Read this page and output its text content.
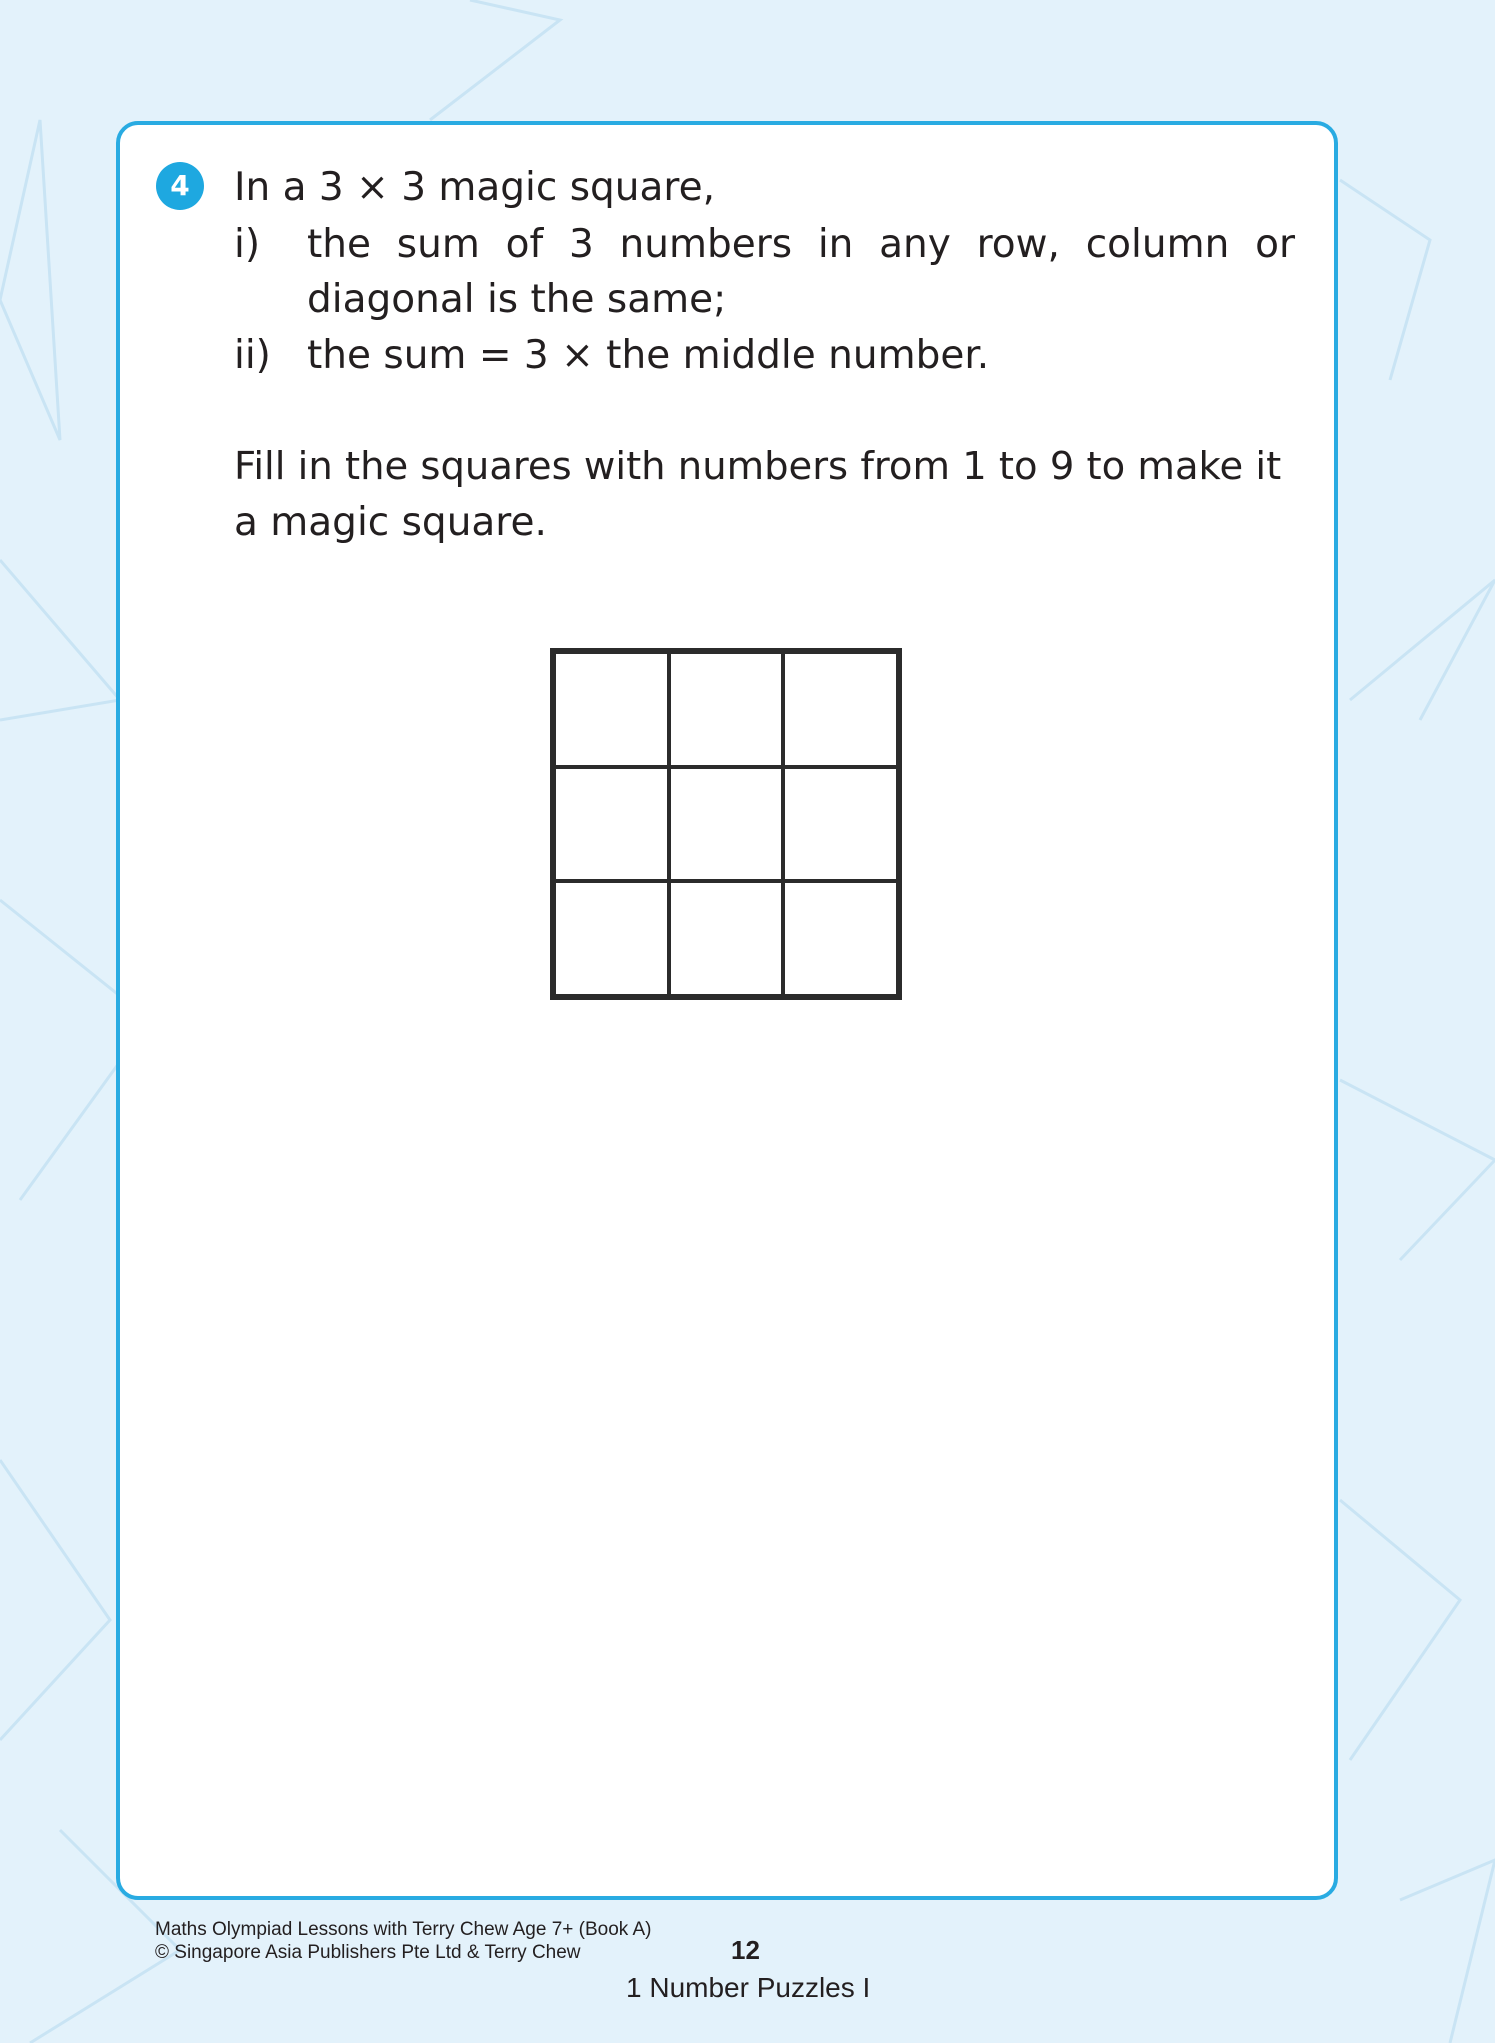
4	In a 3 × 3 magic square,
i) the sum of 3 numbers in any row, column or
diagonal is the same;
ii) the sum = 3 × the middle number.
Fill in the squares with numbers from 1 to 9 to make it
a magic square.
Maths Olympiad Lessons with Terry Chew Age 7+ (Book A)
© Singapore Asia Publishers Pte Ltd & Terry Chew	12
1 Number Puzzles I
